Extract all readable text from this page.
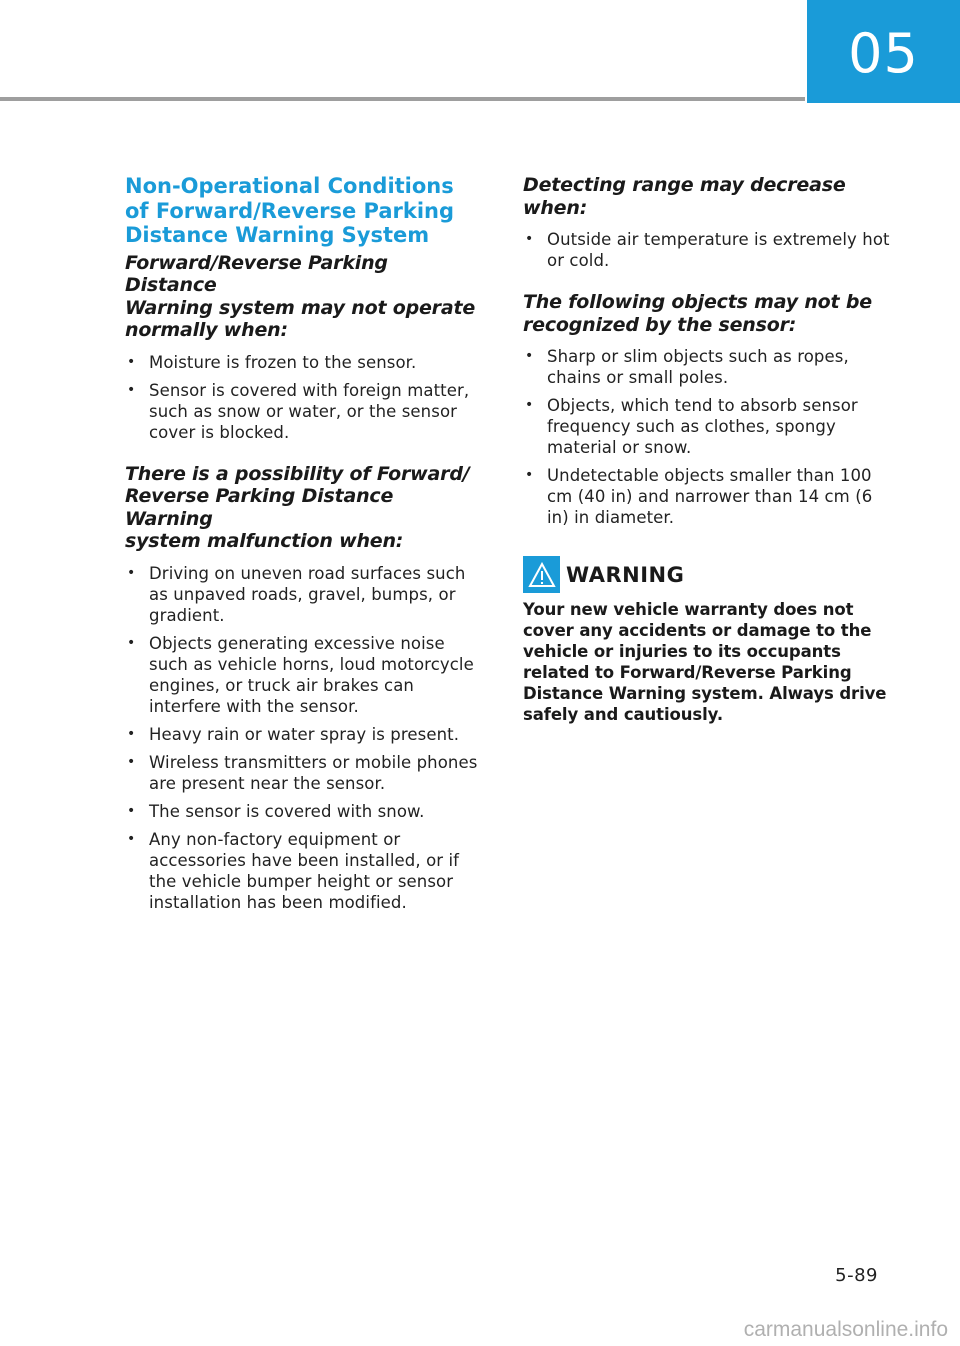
05
Non-Operational Conditions
of Forward/Reverse Parking
Distance Warning System
Forward/Reverse Parking Distance
Warning system may not operate
normally when:
• Moisture is frozen to the sensor.
• Sensor is covered with foreign matter, such as snow or water, or the sensor cover is blocked.
There is a possibility of Forward/
Reverse Parking Distance Warning
system malfunction when:
• Driving on uneven road surfaces such as unpaved roads, gravel, bumps, or gradient.
• Objects generating excessive noise such as vehicle horns, loud motorcycle engines, or truck air brakes can interfere with the sensor.
• Heavy rain or water spray is present.
• Wireless transmitters or mobile phones are present near the sensor.
• The sensor is covered with snow.
• Any non-factory equipment or accessories have been installed, or if the vehicle bumper height or sensor installation has been modified.
Detecting range may decrease
when:
• Outside air temperature is extremely hot or cold.
The following objects may not be
recognized by the sensor:
• Sharp or slim objects such as ropes, chains or small poles.
• Objects, which tend to absorb sensor frequency such as clothes, spongy material or snow.
• Undetectable objects smaller than 100 cm (40 in) and narrower than 14 cm (6 in) in diameter.
WARNING

Your new vehicle warranty does not cover any accidents or damage to the vehicle or injuries to its occupants related to Forward/Reverse Parking Distance Warning system. Always drive safely and cautiously.

5-89
carmanualsonline.info
